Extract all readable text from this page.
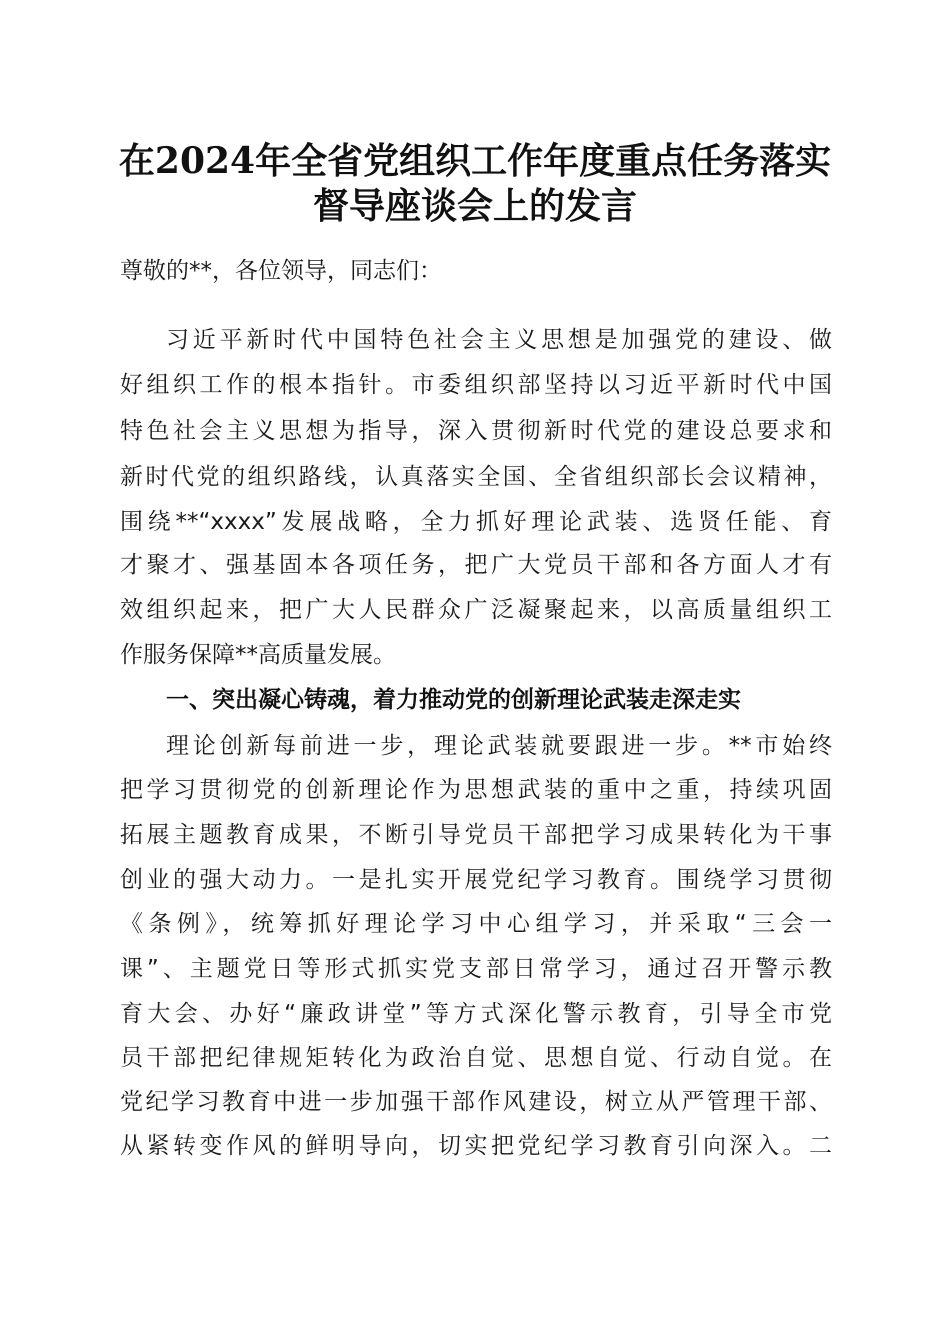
在2024年全省党组织工作年度重点任务落实
督导座谈会上的发言
尊敬的**，各位领导，同志们：
习近平新时代中国特色社会主义思想是加强党的建设、做
好组织工作的根本指针。市委组织部坚持以习近平新时代中国
特色社会主义思想为指导，深入贯彻新时代党的建设总要求和
新时代党的组织路线，认真落实全国、全省组织部长会议精神，
围绕**“xxxx”发展战略，全力抓好理论武装、选贤任能、育
才聚才、强基固本各项任务，把广大党员干部和各方面人才有
效组织起来，把广大人民群众广泛凝聚起来，以高质量组织工
作服务保障**高质量发展。
一、突出凝心铸魂，着力推动党的创新理论武装走深走实
理论创新每前进一步，理论武装就要跟进一步。**市始终
把学习贯彻党的创新理论作为思想武装的重中之重，持续巩固
拓展主题教育成果，不断引导党员干部把学习成果转化为干事
创业的强大动力。一是扎实开展党纪学习教育。围绕学习贯彻
《条例》，统筹抓好理论学习中心组学习，并采取“三会一
课”、主题党日等形式抓实党支部日常学习，通过召开警示教
育大会、办好“廉政讲堂”等方式深化警示教育，引导全市党
员干部把纪律规矩转化为政治自觉、思想自觉、行动自觉。在
党纪学习教育中进一步加强干部作风建设，树立从严管理干部、
从紧转变作风的鲜明导向，切实把党纪学习教育引向深入。二
